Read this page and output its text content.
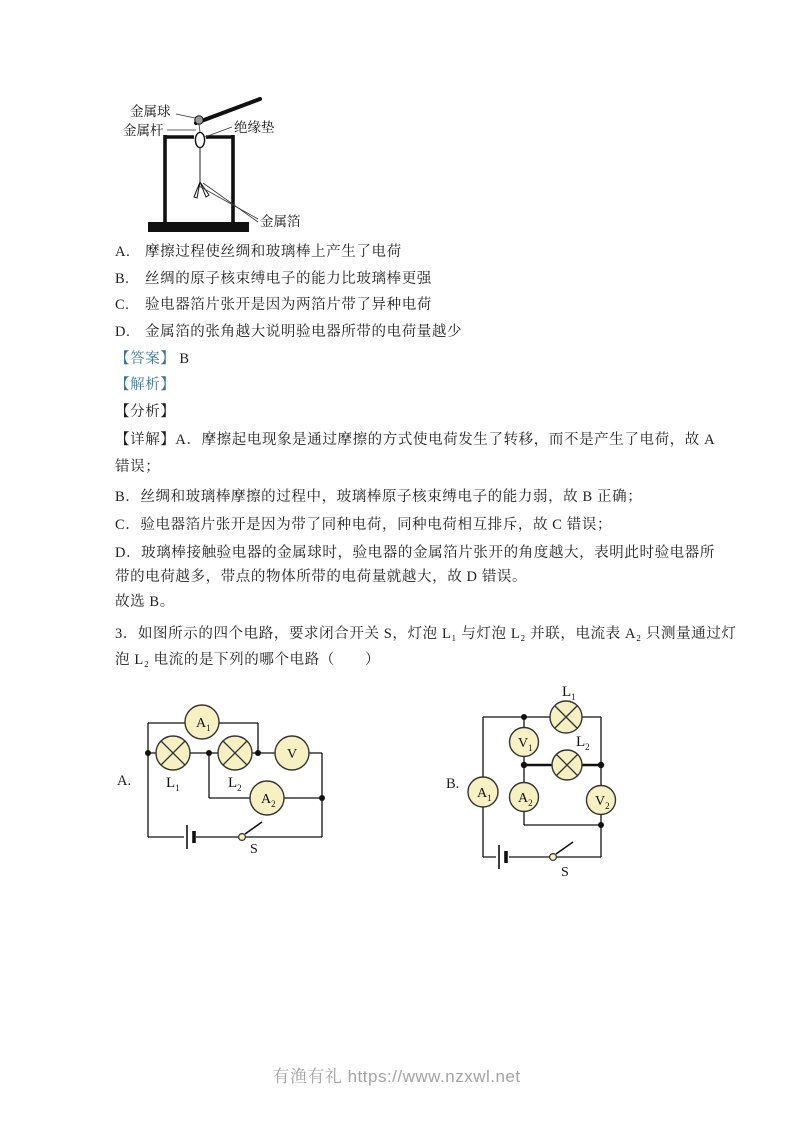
金属球
金属杆	绝缘垫
金属箔
A. 摩擦过程使丝绸和玻璃棒上产生了电荷
B. 丝绸的原子核束缚电子的能力比玻璃棒更强
C. 验电器箔片张开是因为两箔片带了异种电荷
D. 金属箔的张角越大说明验电器所带的电荷量越少
【答案】 B
【解析】
【分析】
【详解】A．摩擦起电现象是通过摩擦的方式使电荷发生了转移，而不是产生了电荷，故 A
错误；
B．丝绸和玻璃棒摩擦的过程中，玻璃棒原子核束缚电子的能力弱，故 B 正确；
C．验电器箔片张开是因为带了同种电荷，同种电荷相互排斥，故 C 错误；
D．玻璃棒接触验电器的金属球时，验电器的金属箔片张开的角度越大，表明此时验电器所
带的电荷越多，带点的物体所带的电荷量就越大，故 D 错误。
故选 B。
3．如图所示的四个电路，要求闭合开关 S，灯泡 L₁ 与灯泡 L₂ 并联，电流表 A₂ 只测量通过灯
泡 L₂ 电流的是下列的哪个电路（　　）
A.
S
$A_1$
$L_1$	$L_2$
V
$A_2$
B.
S
$L_1$
$V_1$	$L_2$
$A_1$ $A_2$	$V_2$
有渔有礼 https://www.nzxwl.net
